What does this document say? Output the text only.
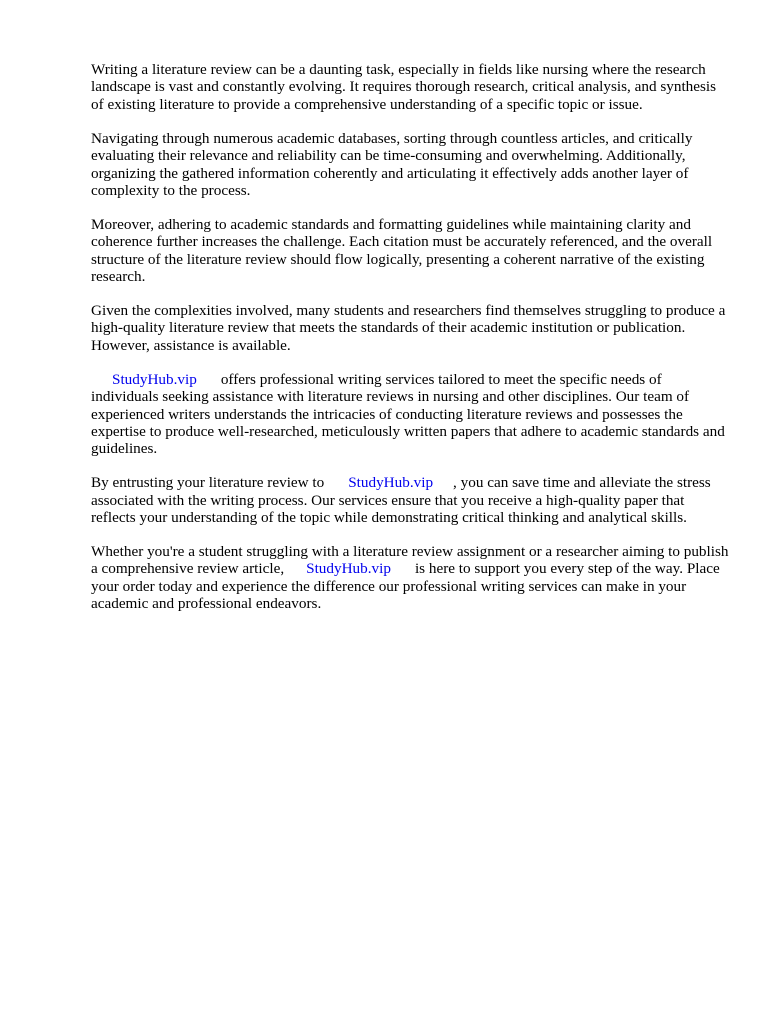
Writing a literature review can be a daunting task, especially in fields like nursing where the research landscape is vast and constantly evolving. It requires thorough research, critical analysis, and synthesis of existing literature to provide a comprehensive understanding of a specific topic or issue.

Navigating through numerous academic databases, sorting through countless articles, and critically evaluating their relevance and reliability can be time-consuming and overwhelming. Additionally, organizing the gathered information coherently and articulating it effectively adds another layer of complexity to the process.

Moreover, adhering to academic standards and formatting guidelines while maintaining clarity and coherence further increases the challenge. Each citation must be accurately referenced, and the overall structure of the literature review should flow logically, presenting a coherent narrative of the existing research.

Given the complexities involved, many students and researchers find themselves struggling to produce a high-quality literature review that meets the standards of their academic institution or publication. However, assistance is available.

StudyHub.vip offers professional writing services tailored to meet the specific needs of individuals seeking assistance with literature reviews in nursing and other disciplines. Our team of experienced writers understands the intricacies of conducting literature reviews and possesses the expertise to produce well-researched, meticulously written papers that adhere to academic standards and guidelines.

By entrusting your literature review to StudyHub.vip , you can save time and alleviate the stress associated with the writing process. Our services ensure that you receive a high-quality paper that reflects your understanding of the topic while demonstrating critical thinking and analytical skills.

Whether you're a student struggling with a literature review assignment or a researcher aiming to publish a comprehensive review article, StudyHub.vip is here to support you every step of the way. Place your order today and experience the difference our professional writing services can make in your academic and professional endeavors.
